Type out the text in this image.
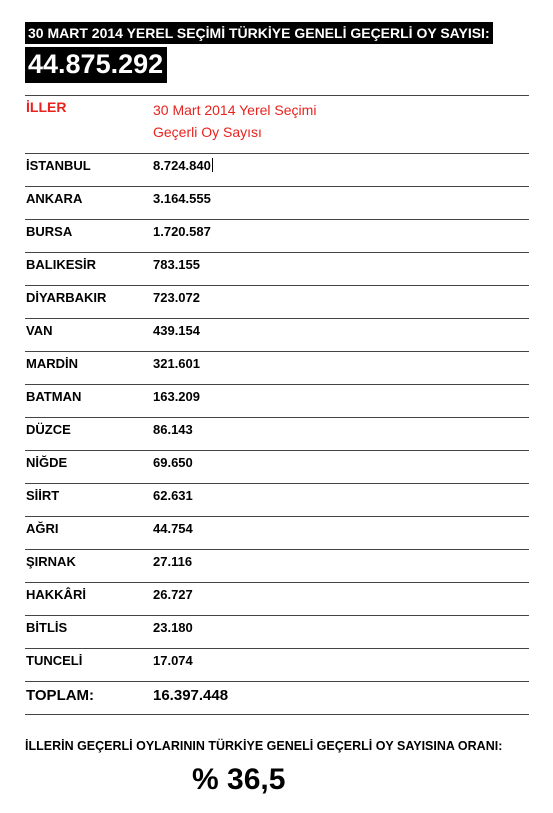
30 MART 2014 YEREL SEÇİMİ TÜRKİYE GENELİ GEÇERLİ OY SAYISI:
44.875.292
İLLER	30 Mart 2014 Yerel Seçimi
Geçerli Oy Sayısı
İSTANBUL	8.724.840
ANKARA	3.164.555
BURSA	1.720.587
BALIKESİR	783.155
DİYARBAKIR	723.072
VAN	439.154
MARDİN	321.601
BATMAN	163.209
DÜZCE	86.143
NİĞDE	69.650
SİİRT	62.631
AĞRI	44.754
ŞIRNAK	27.116
HAKKÂRİ	26.727
BİTLİS	23.180
TUNCELİ	17.074
TOPLAM:	16.397.448
İLLERİN GEÇERLİ OYLARININ TÜRKİYE GENELİ GEÇERLİ OY SAYISINA ORANI:
% 36,5
